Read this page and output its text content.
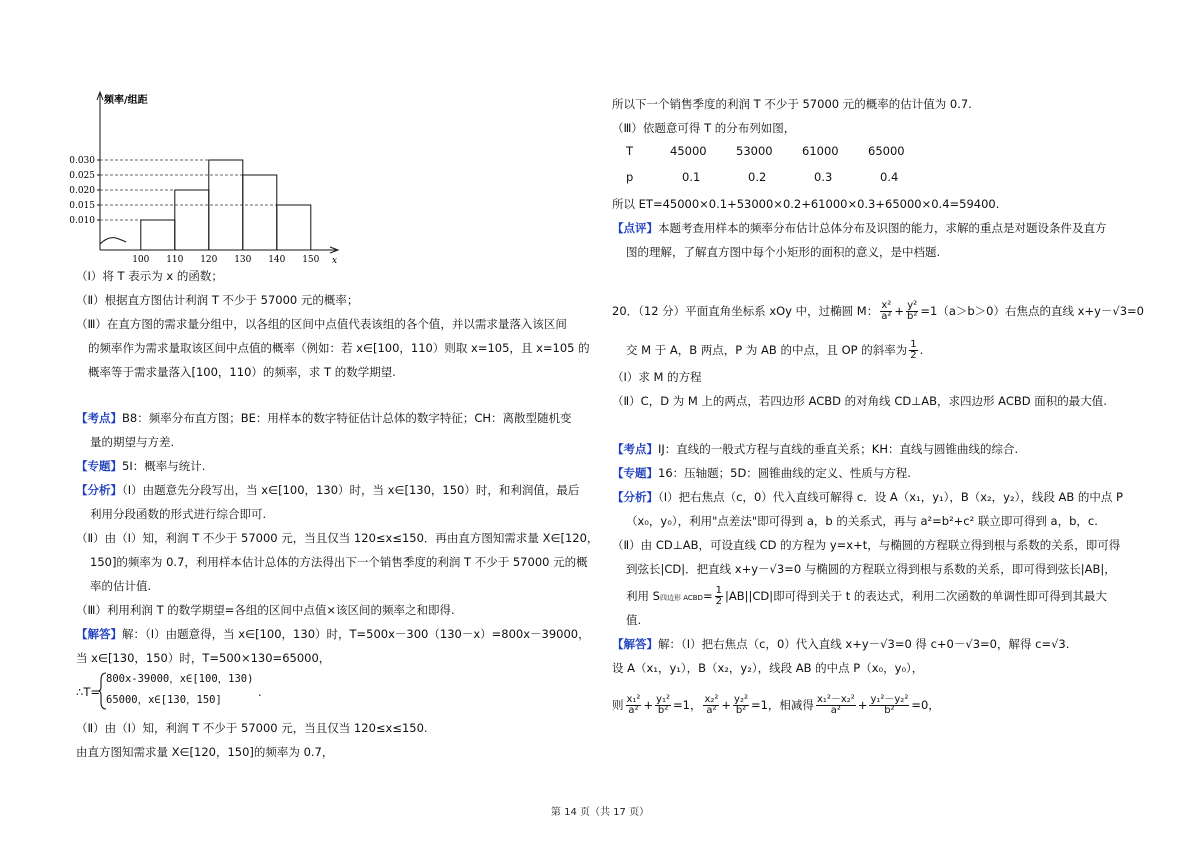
0.030
0.025
0.020
0.015
0.010
100 110 120 130 140 150 x
频率/组距
（Ⅰ）将 T 表示为 x 的函数；
（Ⅱ）根据直方图估计利润 T 不少于 57000 元的概率；
（Ⅲ）在直方图的需求量分组中，以各组的区间中点值代表该组的各个值，并以需求量落入该区间
的频率作为需求量取该区间中点值的概率（例如：若 x∈[100，110）则取 x=105，且 x=105 的
概率等于需求量落入[100，110）的频率，求 T 的数学期望.
【考点】B8：频率分布直方图；BE：用样本的数字特征估计总体的数字特征；CH：离散型随机变
量的期望与方差.
【专题】5I：概率与统计.
【分析】（Ⅰ）由题意先分段写出，当 x∈[100，130）时，当 x∈[130，150）时，和利润值，最后
利用分段函数的形式进行综合即可.
（Ⅱ）由（Ⅰ）知，利润 T 不少于 57000 元，当且仅当 120≤x≤150．再由直方图知需求量 X∈[120，
150]的频率为 0.7，利用样本估计总体的方法得出下一个销售季度的利润 T 不少于 57000 元的概
率的估计值.
（Ⅲ）利用利润 T 的数学期望=各组的区间中点值×该区间的频率之和即得.
【解答】解：（Ⅰ）由题意得，当 x∈[100，130）时，T=500x－300（130－x）=800x－39000，
当 x∈[130，150）时，T=500×130=65000，
∴T=
800x-39000，x∈[100，130)
65000，x∈[130，150]
.
（Ⅱ）由（Ⅰ）知，利润 T 不少于 57000 元，当且仅当 120≤x≤150.
由直方图知需求量 X∈[120，150]的频率为 0.7，
所以下一个销售季度的利润 T 不少于 57000 元的概率的估计值为 0.7.
（Ⅲ）依题意可得 T 的分布列如图，
T	45000	53000	61000	65000
p	0.1	0.2	0.3	0.4
所以 ET=45000×0.1+53000×0.2+61000×0.3+65000×0.4=59400.
【点评】本题考查用样本的频率分布估计总体分布及识图的能力，求解的重点是对题设条件及直方
图的理解，了解直方图中每个小矩形的面积的意义，是中档题.
20．（12 分）平面直角坐标系 xOy 中，过椭圆 M： $\frac{\text{x²}}{\text{a²}} + \frac{\text{y²}}{\text{b²}} =1(a>b>0)$右焦点的直线 x+y－√3=0
交 M 于 A，B 两点，P 为 AB 的中点，且 OP 的斜率为 $\frac{1}{2}$ .
（Ⅰ）求 M 的方程
（Ⅱ）C，D 为 M 上的两点，若四边形 ACBD 的对角线 CD⊥AB，求四边形 ACBD 面积的最大值.
【考点】IJ：直线的一般式方程与直线的垂直关系；KH：直线与圆锥曲线的综合.
【专题】16：压轴题；5D：圆锥曲线的定义、性质与方程.
【分析】（Ⅰ）把右焦点（c，0）代入直线可解得 c．设 A（x₁，y₁），B（x₂，y₂），线段 AB 的中点 P
（x₀，y₀），利用"点差法"即可得到 a，b 的关系式，再与 a²=b²+c² 联立即可得到 a，b，c.
（Ⅱ）由 CD⊥AB，可设直线 CD 的方程为 y=x+t，与椭圆的方程联立得到根与系数的关系，即可得
到弦长|CD|．把直线 x+y－√3=0 与椭圆的方程联立得到根与系数的关系，即可得到弦长|AB|，
利用 S四边形 ACBD= $\frac{1}{2} |AB||CD|$即可得到关于 t 的表达式，利用二次函数的单调性即可得到其最大
值.
【解答】解：（Ⅰ）把右焦点（c，0）代入直线 x+y－√3=0 得 c+0－√3=0，解得 c=√3.
设 A（x₁，y₁），B（x₂，y₂），线段 AB 的中点 P（x₀，y₀），
则 $\frac{\text{x₁²}}{\text{a²}} + \frac{\text{y₁²}}{\text{b²}} =1$， $\frac{\text{x₂²}}{\text{a²}} + \frac{\text{y₂²}}{\text{b²}} =1$，相减得 $\frac{\text{x₁²－x₂²}}{\text{a²}} + \frac{\text{y₁²－y₂²}}{\text{b²}} =0$，
第 14 页（共 17 页）
